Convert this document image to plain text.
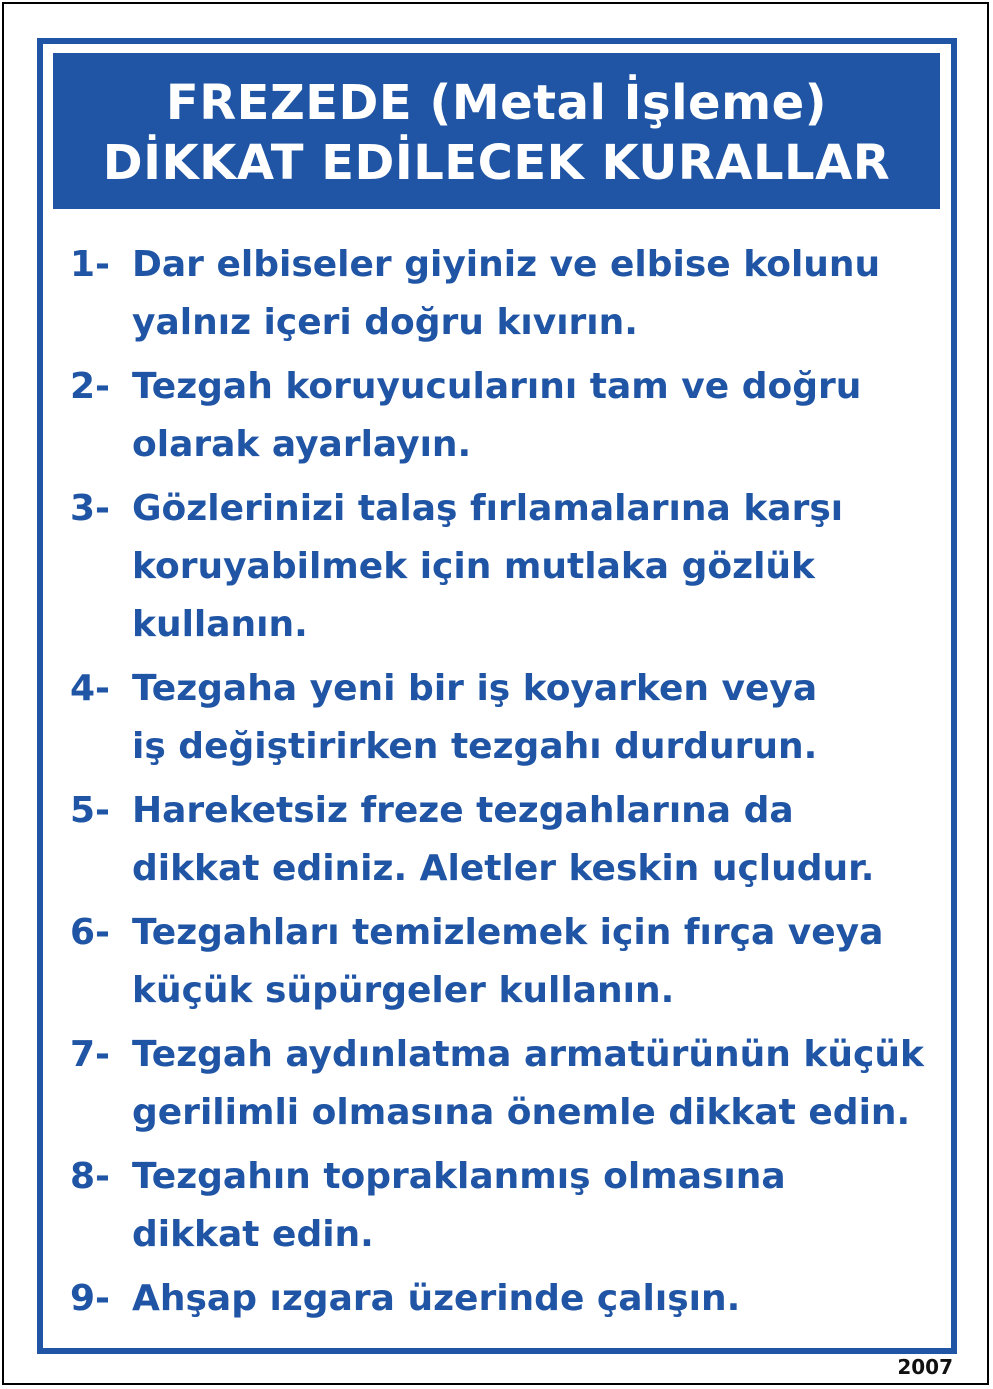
FREZEDE (Metal İşleme)
DİKKAT EDİLECEK KURALLAR
1- Dar elbiseler giyiniz ve elbise kolunu
yalnız içeri doğru kıvırın.
2- Tezgah koruyucularını tam ve doğru
olarak ayarlayın.
3- Gözlerinizi talaş fırlamalarına karşı
koruyabilmek için mutlaka gözlük
kullanın.
4- Tezgaha yeni bir iş koyarken veya
iş değiştirirken tezgahı durdurun.
5- Hareketsiz freze tezgahlarına da
dikkat ediniz. Aletler keskin uçludur.
6- Tezgahları temizlemek için fırça veya
küçük süpürgeler kullanın.
7- Tezgah aydınlatma armatürünün küçük
gerilimli olmasına önemle dikkat edin.
8- Tezgahın topraklanmış olmasına
dikkat edin.
9- Ahşap ızgara üzerinde çalışın.
2007
